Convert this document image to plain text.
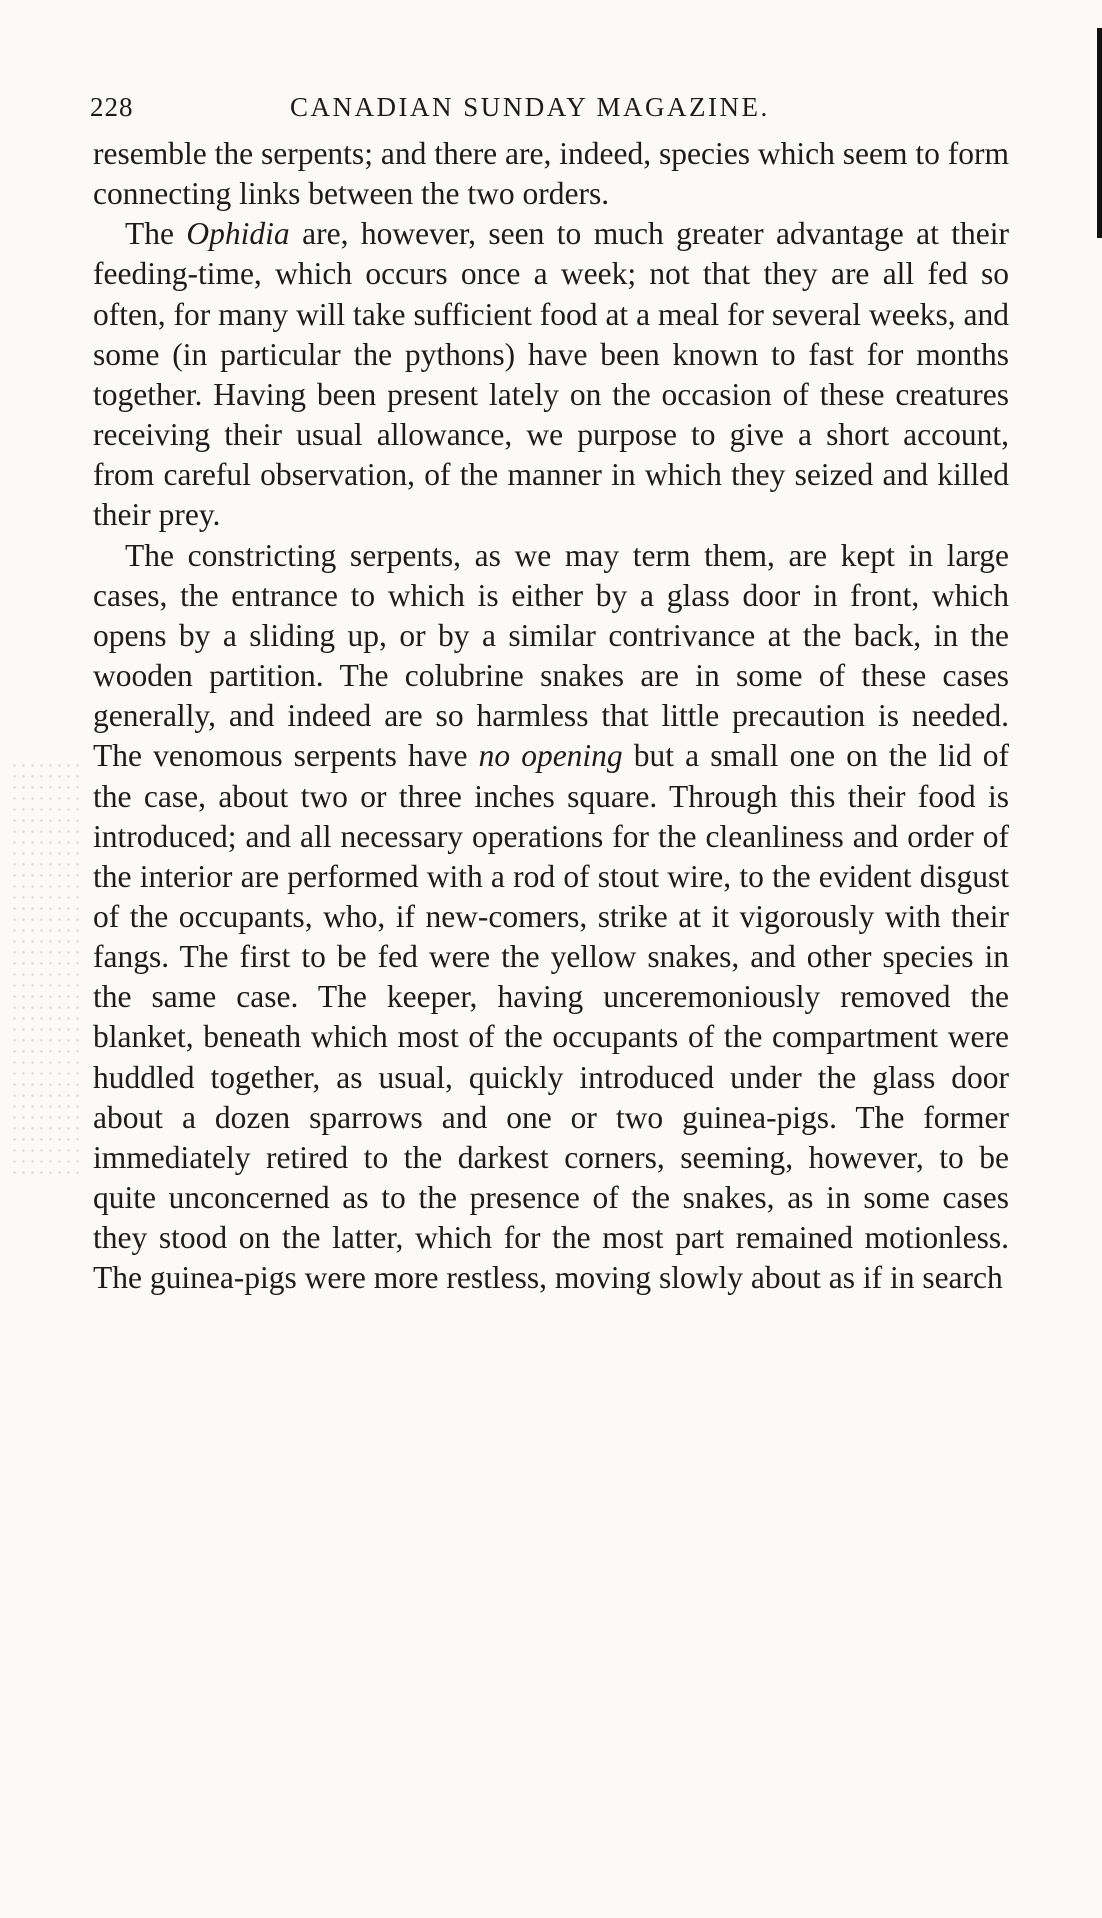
228	CANADIAN SUNDAY MAGAZINE.

resemble the serpents; and there are, indeed, species which seem to form connecting links between the two orders.

The Ophidia are, however, seen to much greater advantage at their feeding-time, which occurs once a week; not that they are all fed so often, for many will take sufficient food at a meal for several weeks, and some (in particular the pythons) have been known to fast for months together. Having been present lately on the occasion of these creatures receiving their usual allowance, we purpose to give a short account, from careful observation, of the manner in which they seized and killed their prey.

The constricting serpents, as we may term them, are kept in large cases, the entrance to which is either by a glass door in front, which opens by a sliding up, or by a similar contrivance at the back, in the wooden partition. The colubrine snakes are in some of these cases generally, and indeed are so harmless that little precaution is needed. The venomous serpents have no opening but a small one on the lid of the case, about two or three inches square. Through this their food is introduced; and all necessary operations for the cleanliness and order of the interior are performed with a rod of stout wire, to the evident disgust of the occupants, who, if new-comers, strike at it vigorously with their fangs. The first to be fed were the yellow snakes, and other species in the same case. The keeper, having unceremoniously removed the blanket, beneath which most of the occupants of the compartment were huddled together, as usual, quickly introduced under the glass door about a dozen sparrows and one or two guinea-pigs. The former immediately retired to the darkest corners, seeming, however, to be quite unconcerned as to the presence of the snakes, as in some cases they stood on the latter, which for the most part remained motionless. The guinea-pigs were more restless, moving slowly about as if in search
